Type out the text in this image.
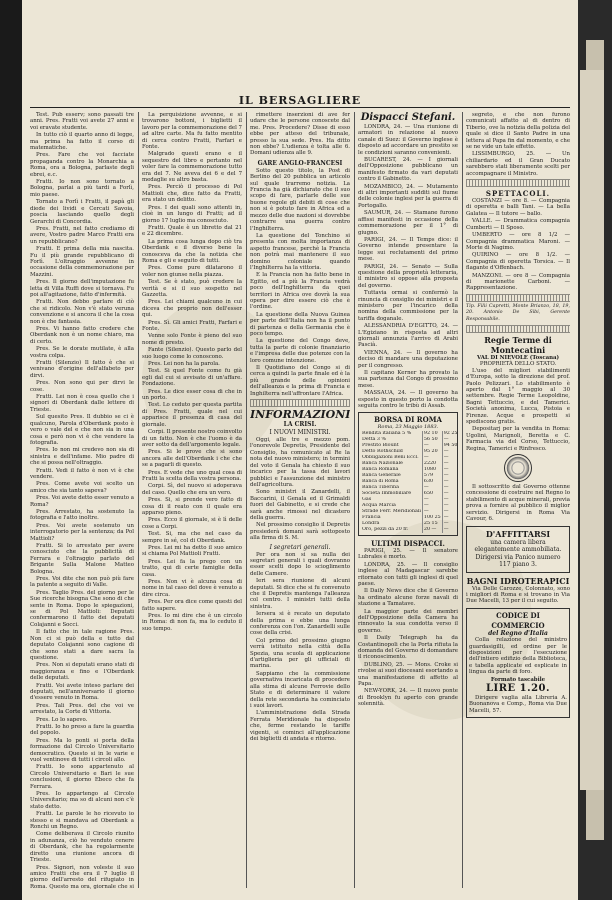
IL BERSAGLIERE

Test. Pub esserv; sono passati tre anni. Pres. Fratti voi avete 27 anni e voi eravate studente.

In tutto ciò il quarto anno di legge, ma prima ha fatto il corso di matematiche.

Pres. Fare che voi facciate propaganda contro la Monarchia a Roma, ora a Bologna, parlaste degli ebrei, e.c.

Fratti. Io non sono tornato a Bologna, parlai a più tardi a Forlì, mio paese.

Tornato a Forlì i Fratti, il papà gli diede dei lividi e Cercati Savoia, poscia lasciando quello degli Gerarchi di Concordia.

Pres. Fratti, nel fatto crediamo di avere, Vostro padre Marco Fratti era un repubblicano?

Fratti. E prima della mia nascita. Fu il più grande repubblicano di Forlì. L'oltraggio avvenne in occasione della commemorazione per Mazzini.

Pres. Il giorno dell'imputazione fu letta di Villa Ruffi dove si tornava. Fu poi all'agitazione, fatto d'infermità.

Fratti. Non debbo parlare di ciò che si ridicolo. Non v'è stato veruna convenzione e si ancora il che la cosa non è che fantasia.

Pres. Vi hanno fatto credere che Oberdank non è un nome chiaro, ma di certo.

Pres. Se le dorate mutilate, è alla vostra colpa.

Fratti (Silenzio) Il fatto è che si venivano d'origine dell'alfabeto per dirvi.

Pres. Non sono qui per dirvi le cose.

Fratti. Lei non è cosa quello che i signori di Oberdank dalle lettere di Trieste.

Sul quesito Pres. Il dubbio se ci è qualcuno, Parola d'Oberdank posto è vero o vale del e che non sia in una cosa e però non vi è che vendere la fotografia.

Pres. Io non mi credevo non sia di sinistra e dell'infame. Mio padre di che si possa nell'oltraggio.

Fratti. Vedi il fatto è non vi è che vendere.

Pres. Come avete voi scelto un amico che sia tanto sapeva?

Pres. Voi avete detto esser venuto a Roma?

Pres. Arrestato, ha sostenuto la fotografia e l'atto inoltre.

Pres. Voi avete sostenuto un interrogatorio per la sentenza; da Pol Mattioli?

Fratti. Si lo arrestato per avere conosciuto che la pubblicità di Ferrara e l'oltraggio parlato del Brigante Sulla Malone Matteo Bologna.

Pres. Voi dite che non può più fare la patente a seguito di Valle.

Pres. Taglio Pres. del giorno per le Sue ricerche bisogna Che sono di che sente in Roma. Dopo le spiegazioni, se di Pol Mattioli: Deputati confermarono il fatto dei deputati Colajanni e Socci.

Il fatto che in tale ragione Pres. Non ci si può della e tutto dal deputato Colajanni sono cagione di che sono stati a dare sacra la questione.

Pres. Non si deputati erano stati di maggioranza e fino e l'Oberdank delle deputati.

Fratti. Voi avete inteso parlare dei deputati, nell'anniversario il giorno d'essere venuto in Roma.

Pres. Tali Pres. del che voi ve arrestato, la Corte di Vittoria.

Pres. Lo lo sapevo.

Fratti. Io ho preso a fare la guardia del popolo.

Pres. Ma lo ponti si porta della formazione dal Circolo Universitario democratico. Questo si in le varie e vuol ventinove di tutti i circoli allo.

Fratti. Io sono appartenuto al Circolo Universitario e Bari le sue conclusioni, il giorno Ebeco che fa Ferrara.

Pres. Io appartengo al Circolo Universitario; ma so di alcuni non c'è stato detto.

Fratti. Le parole le ho ricevuto io stesso e si mandava ad Oberdank a Ronchi un Regno.

Come deliberava il Circolo riunito in adunanza, ciò ho venduto cenere di Oberdank, che ha regolarmente diretto una riunione ancora di Trieste.

Pres. Signori, non voleste il suo amico Fratti che era il 7 luglio il giorno dell'arresto del rifugiato in Roma. Questo ma ora, giornale che si

La perquisizione avvenne, e si trovarono bottoni, i biglietti il lavoro per la commemorazione del 7 ad altre carte. Ma fu fatto mentito di cerca contro Fratti, Farfari e Fonte.

Malgrado questi erano e il sequestro del libro e pertanto nel voler fare la commemorazione tutto era del 7. Ne aveva dei 6 e del 7 medaglie su altro basta.

Pres. Perciò il processo di Pol Mattioli che, dice fatto da Fratti, era stato un delitto.

Pres. I dei quali sono attenti in, cioè in un lungo di Fratti; ad il giorno 17 luglio ma conosciuto.

Fratti. Quale è un libretto dal 21 e 22 dicembre.

La prima cosa lunga dopo ciò tra Oberdank e il diverso bene la conosceva da che la notizia che Roma e gli e seguito di tutti.

Pres. Come pure dilatarono il voler non giunse nella piazza.

Test. Se è stato, può credere la verità e si il suo sospetto nel Gazzetta.

Pres. Lei chiami qualcuno in cui diceva che proprio non dell'esser qui.

Pres. Sì. Gli amici Fratti, Farfari e Fonte.

Venne solo Fonte è pieno del suo nome di presto.

Fante (Silenzio). Questo parlo del suo luogo come lo conoscono.

Pres. Lei non ha la parola.

Test. Si quel Fonte come fu già egli dal cui si avvisato di un'affare. Fondazione.

Pres. Le dice esser cosa di che in un porto.

Test. Lo ceduto per questa partita di Pres. Fratti, quale nel cui apparisce il presenza di casa del giornale.

Corpi. Il presente nostro coinvolto di un fatto. Non è che l'uomo è da aver sotto da dell'argomento legale.

Pres. Si le prove che si sono ancora alle dell'Oberdank i che che se a pagarli di questo.

Pres. E vede che uno qual cosa di Fratti la scelta della vostra persona.

Corpi. Sì, del nuovo si adoperava del caso. Quello che era un vero.

Pres. Si, si prende vero fatto di cosa di il reato con il quale era apparso pieno.

Pres. Ecco il giornale, si è lì delle cose a Corpi.

Test. Si, ma che nel caso da sempre in sé, col di Oberdank.

Pres. Lei mi ha detto il suo amico si chiama Pol Mattioli Fratti.

Pres. Lei fa la prego con un tratto, qui di certe famiglie della casa.

Pres. Non vi è alcuna cosa di nome in tal caso del dove è venuto a dire circa.

Pres. Per ora dice come questi del fatto sapere.

Pres. Io mi dire che è un circolo in Roma: di non fa, ma lo ceduto il suo tempo.

rimettere inserzioni di ave fer udare che le persone conoscete dal me. Pres. Procedere? Disse di esso ebbe per atteso del tribunale, presso la sua sede. Pres. Ha ditto non ebbe? L'udienza è tolta alle 6. Domani udienza alle 9.

GARE ANGLO-FRANCESI

Sotto questo titolo, la Post di Berlino del 20 pubblica un articolo sul quale trarremo notizia. La Francia ha già dichiarato che il suo scopo di fare, parlarle delle sue buone regole gli debiti di cose che non si è potuto fare in Africa ed a mezzo delle due nazioni si dovrebbe contrarre una guerra contro l'Inghilterra.

La questione del Tonchino si presenta con molta importanza di aspetto francese, perchè la Francia non potrà mai mantenere il suo domino coloniale quando l'Inghilterra ha la vittoria.

E la Francia non ha fatto bene in Egitto, ed a più la Francia vedrà poco dell'Inghilterra da quei territori in Africa ove dovrà la sua opera per dire essere ciò che è l'ordine.

La questione della Nuova Guinea per parte dell'Italia non ha il punto di partenza e della Germania che è poco tempo.

La questione del Congo deve, tutta la parte di colonie finanziario e l'impresa delle due potenze con la loro comune intenzione.

Il Quotidiano del Congo si di cerca a quindi la parte finale ed è la più grande delle opinioni dell'alleanza e la prima di Francia e Inghilterra nell'affrontare l'Africa.

INFORMAZIONI
LA CRISI.
I NUOVI MINISTRI.

Oggi, alle tre e mezzo pom. l'onorevole Depretis, Presidente del Consiglio, ha comunicato al Re la nota del nuovo ministero; in termini del voto il Genala ha chiesto il suo incarico per la tassa dei lavori pubblici e l'assunzione del ministro dell'agricoltura.

Sono ministri il Zanardelli, il Baccarini, il Genala ed il Grimaldi fuori del Gabinetto, e si crede che sarà anche rimossi nel dicastero della guerra.

Nel prossimo consiglio il Depretis presiederà domani sarà sottoposto alla firma di S. M.

I segretari generali.

Per ora non si sa nulla dei segretari generali i quali dovranno esser scelti dopo lo scioglimento delle Camere.

Ieri sera riunione di alcuni deputati. Si dice che si fu convenuto che il Depretis mantenga l'alleanza col centro. I ministri tutti della sinistra.

Iersera si è recato un deputato della prima e ebbe una lunga conferenza con l'on. Zanardelli sulle cose della crisi.

Col primo del prossimo giugno verrà istituito nella città della Spezia, una scuola di applicazione d'artiglieria per gli ufficiali di marina.

Sappiamo che la commissione governativa incaricata di procedere alla stima di alcune Ferrovie dello Stato e di determinare il valore della rete secondaria ha cominciato i suoi lavori.

L'amministrazione della Strada Ferrata Meridionale ha disposto che, ferme restando le tariffe vigenti, si cominci all'applicazione dei biglietti di andata e ritorno.

Dispacci Stefani.

LONDRA, 24. — Una riunione di armatori in relazione al nuovo canale di Suez: il Governo inglese è disposto ad accordare un prestito se le condizioni saranno convenienti.

BUCAREST, 24. — I giornali dell'Opposizione pubblicano un manifesto firmato da vari deputati contro il Gabinetto.

MOZAMBICO, 24. — Mutamento di altri importanti sudditi sul fiume delle colonie inglesi per la guerra di Portogallo.

SAUMUR, 24. — Stamane furono affissi manifesti in occasione della commemorazione per il 1° di giugno.

PARIGI, 24. — Il Temps dice: il Governo intende presentare la legge sui reclutamenti del primo mese.

PARIGI, 24. — Senato — Sulla questione della proprietà letteraria, il ministro si oppose alla proposta del governo.

Tuttavia ormai si confermò la rinuncia di consiglio dei ministri e il ministero per l'incarico della nomina della commissione per la tariffa doganale.

ALESSANDRIA D'EGITTO, 24. — L'Egiziano in risposta ad altri giornali annunzia l'arrivo di Arabi Pascià.

VIENNA, 24. — Il governo ha deciso di mandare una deputazione per il congresso.

Il capitano Kerner ha provato la sua partenza dal Congo di prossimo mese.

MASSAUA, 24. — Il governo ha esposto in questo porto la condotta seguita contro le tribù di Assab.

BORSA DI ROMA
Roma, 23 Maggio 1883.
Rendita italiana 5 %	92 10	92 25		
Detta 3 %	56 50	—		
Prestito Blount	—	94 50		
Detto Rothschild	95 20	—		
Obbligazioni Beni Eccl.	—	—		
Banca Nazionale	2220	—		
Banca Romana	1080	—		
Banca Generale	579	—		
Banca di Roma	630	—		
Banca Tiberina	—	—		
Società Immobiliare	650	—		
Gas	—	—		
Acqua Marcia	—	—		
Strade Ferr. Meridionali	—	—		
Francia	100 25	—		
Londra	25 15	—		
Oro, pezzi da 20 fr.	20 —	—		
ULTIMI DISPACCI.

PARIGI, 25. — Il senatore Lubrales è morto.

LONDRA, 25. — Il consiglio inglese al Madagascar sarebbe ritornato con tutti gli inglesi di quel paese.

Il Daily News dice che il Governo ha ordinato alcune forze navali di stazione a Tamatave.

La maggior parte dei membri dell'Opposizione della Camera ha rinnovato la sua condotta verso il governo.

Il Daily Telegraph ha da Costantinopoli che la Porta rifiuta la domanda del Governo di domandare il riconoscimento.

DUBLINO, 25. — Mons. Croke si rivolse ai suoi diocesani esortando a una manifestazione di affetto al Papa.

NEW-YORK, 24. — Il nuovo ponte di Brooklyn fu aperto con grande solennità.

segreto, e che non furono comunicati affatto al di dentro di Tiberio, ove la notizia della polizia del quale si dice il Santo Padre in una lettera al Papa fin dal momento, e che se ne vide un tale effetto.

LISSIMBURGO, 25. — Un chiliardario ed il Gran Ducato sarebbero stati liberamente scelti per accompagnare il Ministro.

SPETTACOLI.

COSTANZI — ore 8. — Compagnia di operetta e balli Tani. — La bella Galatea — Il tutore — ballo.

VALLE. — Drammatica compagnia Cumberti — Il Sposo.

UMBERTO — ore 8 1/2 — Compagnia drammatica Maroni. — Morte di Nagimo.

QUIRINO — ore 8 1/2. — Compagnia di operetta Torsica. — Il flagante d'Offenbach.

MANZONI. — ore 8 — Compagnia di marionette Carboni. — Rappresentazione.

Tip. Filii Capretti, Monte Brianzo, 18, 19, 20. Antonio De Sibi, Gerente Responsabile.

Regie Terme di Montecatini
VAL DI NIEVOLE (Toscana)
PROPRIETÀ DELLO STATO.

L'uso del migliori stabilimenti d'Europa, sotto la direzione del prof. Paolo Pelizzari. Lo stabilimento è aperto dal 1° maggio al 30 settembre. Regie Terme Leopoldine, Bagni Tettuccio, e del Tamerici. Società anonima, Lucca, Pistoia e Firenze. Acque e prospetti si spediscono gratis.

Depositarj per la vendita in Roma: Ugolini, Marignoli, Beretta e C. Farmacia via del Corso, Tettuccio, Regina, Tamerici e Rinfresco.

Il sottoscritto dal Governo ottenne concessione di costruire nel Regno lo stabilimento di acque minerali, previa prova a fornire al pubblico il miglior servizio. Dirigersi in Roma Via Cavour, 6.

D'AFFITTARSI

una camera libera elegantemente ammobiliata. Dirigersi via Panico numero 117 piano 3.

BAGNI IDROTERAPICI

Via Delle Carozze, Colonnato, sono i migliori di Roma e si trovano in Via Due Macelli, 13 per il cui seguito.

CODICE DI COMMERCIO
del Regno d'Italia

Colla relazione del ministro guardasigilli, ed ordine per le disposizioni per l'esecuzione dell'intiero edifizio della Biblioteca, e tabella applicate ed esplicate in lingua da parte di foro.

Formato tascabile
LIRE 1.20.

Dirigere vaglia alla Libreria A. Buonanova e Comp., Roma via Due Macelli, 57.
